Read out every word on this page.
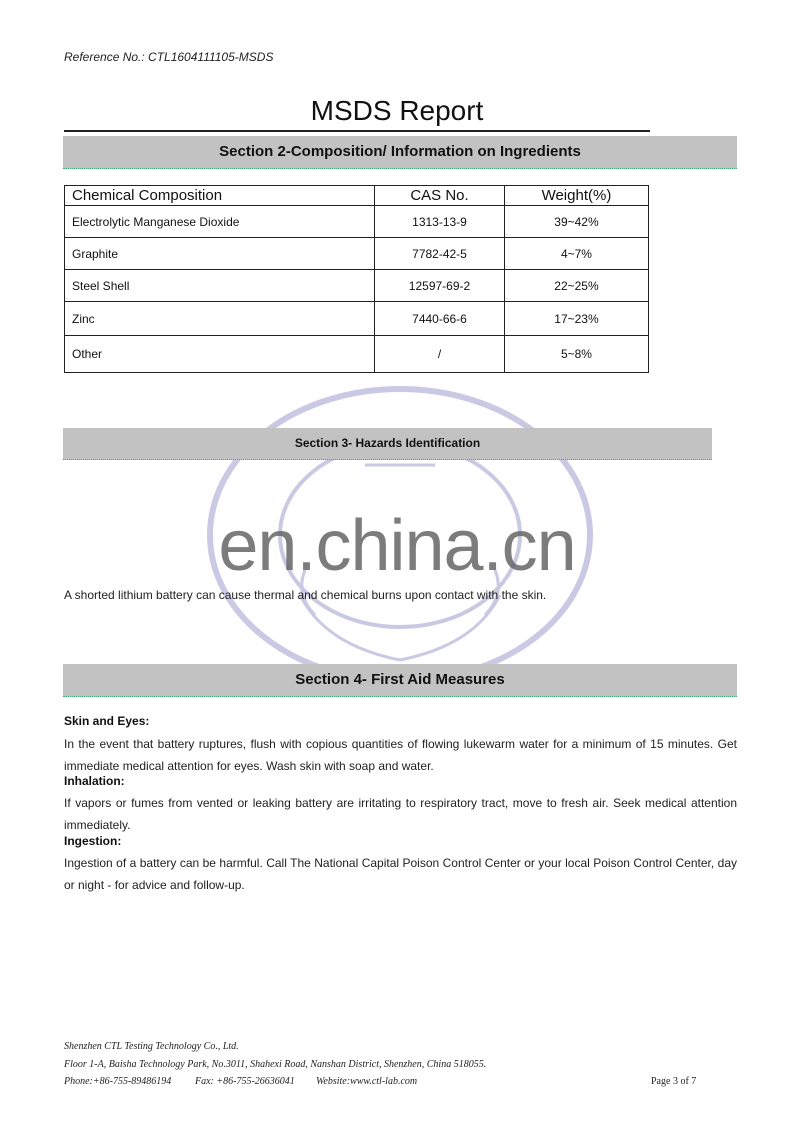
Reference No.: CTL1604111105-MSDS
MSDS Report
Section 2-Composition/ Information on Ingredients
Chemical Composition	CAS No.	Weight(%)
Electrolytic Manganese Dioxide	1313-13-9	39~42%
Graphite	7782-42-5	4~7%
Steel Shell	12597-69-2	22~25%
Zinc	7440-66-6	17~23%
Other	/	5~8%
en.china.cn
Section 3- Hazards Identification
A shorted lithium battery can cause thermal and chemical burns upon contact with the skin.
Section 4- First Aid Measures
Skin and Eyes:
In the event that battery ruptures, flush with copious quantities of flowing lukewarm water for a minimum of 15 minutes. Get immediate medical attention for eyes. Wash skin with soap and water.
Inhalation:
If vapors or fumes from vented or leaking battery are irritating to respiratory tract, move to fresh air. Seek medical attention immediately.
Ingestion:
Ingestion of a battery can be harmful. Call The National Capital Poison Control Center or your local Poison Control Center, day or night - for advice and follow-up.
Shenzhen CTL Testing Technology Co., Ltd.
Floor 1-A, Baisha Technology Park, No.3011, Shahexi Road, Nanshan District, Shenzhen, China 518055.
Phone:+86-755-89486194 Fax: +86-755-26636041 Website:www.ctl-lab.com	Page 3 of 7
